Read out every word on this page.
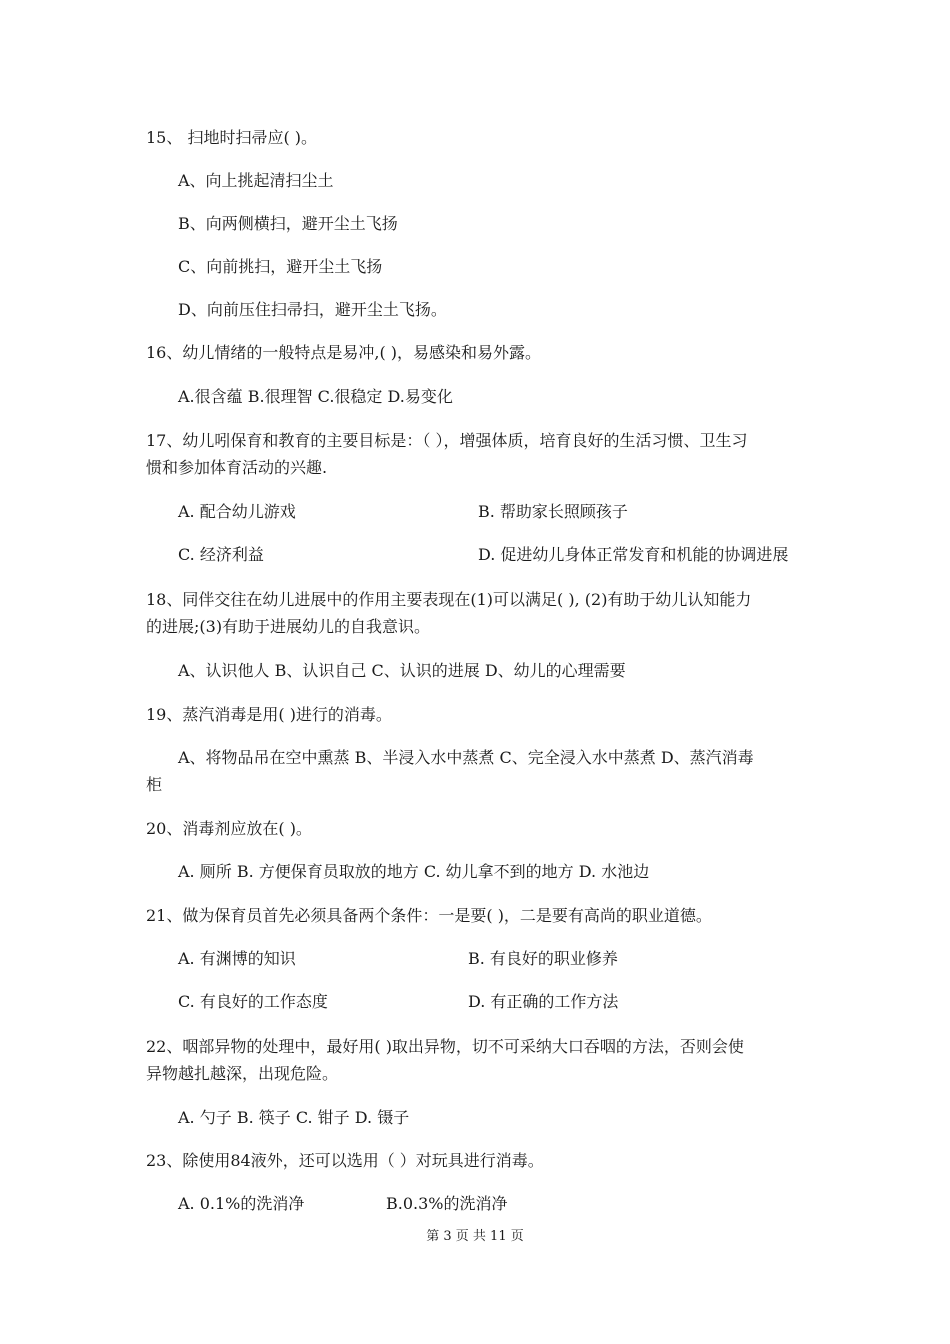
15、 扫地时扫帚应( )。
A、向上挑起清扫尘土
B、向两侧横扫，避开尘土飞扬
C、向前挑扫，避开尘土飞扬
D、向前压住扫帚扫，避开尘土飞扬。
16、幼儿情绪的一般特点是易冲,( )，易感染和易外露。
A.很含蕴 B.很理智 C.很稳定 D.易变化
17、幼儿吲保育和教育的主要目标是：（ ），增强体质，培育良好的生活习惯、卫生习
惯和参加体育活动的兴趣.
A. 配合幼儿游戏	B. 帮助家长照顾孩子
C. 经济利益	D. 促进幼儿身体正常发育和机能的协调进展
18、同伴交往在幼儿进展中的作用主要表现在(1)可以满足( ), (2)有助于幼儿认知能力
的进展;(3)有助于进展幼儿的自我意识。
A、认识他人 B、认识自己 C、认识的进展 D、幼儿的心理需要
19、蒸汽消毒是用( )进行的消毒。
A、将物品吊在空中熏蒸 B、半浸入水中蒸煮 C、完全浸入水中蒸煮 D、蒸汽消毒
柜
20、消毒剂应放在( )。
A. 厕所 B. 方便保育员取放的地方 C. 幼儿拿不到的地方 D. 水池边
21、做为保育员首先必须具备两个条件：一是要( )，二是要有高尚的职业道德。
A. 有渊博的知识	B. 有良好的职业修养
C. 有良好的工作态度	D. 有正确的工作方法
22、咽部异物的处理中，最好用( )取出异物，切不可采纳大口吞咽的方法，否则会使
异物越扎越深，出现危险。
A. 勺子 B. 筷子 C. 钳子 D. 镊子
23、除使用84液外，还可以选用（ ）对玩具进行消毒。
A. 0.1%的洗消净	B.0.3%的洗消净
第 3 页 共 11 页
